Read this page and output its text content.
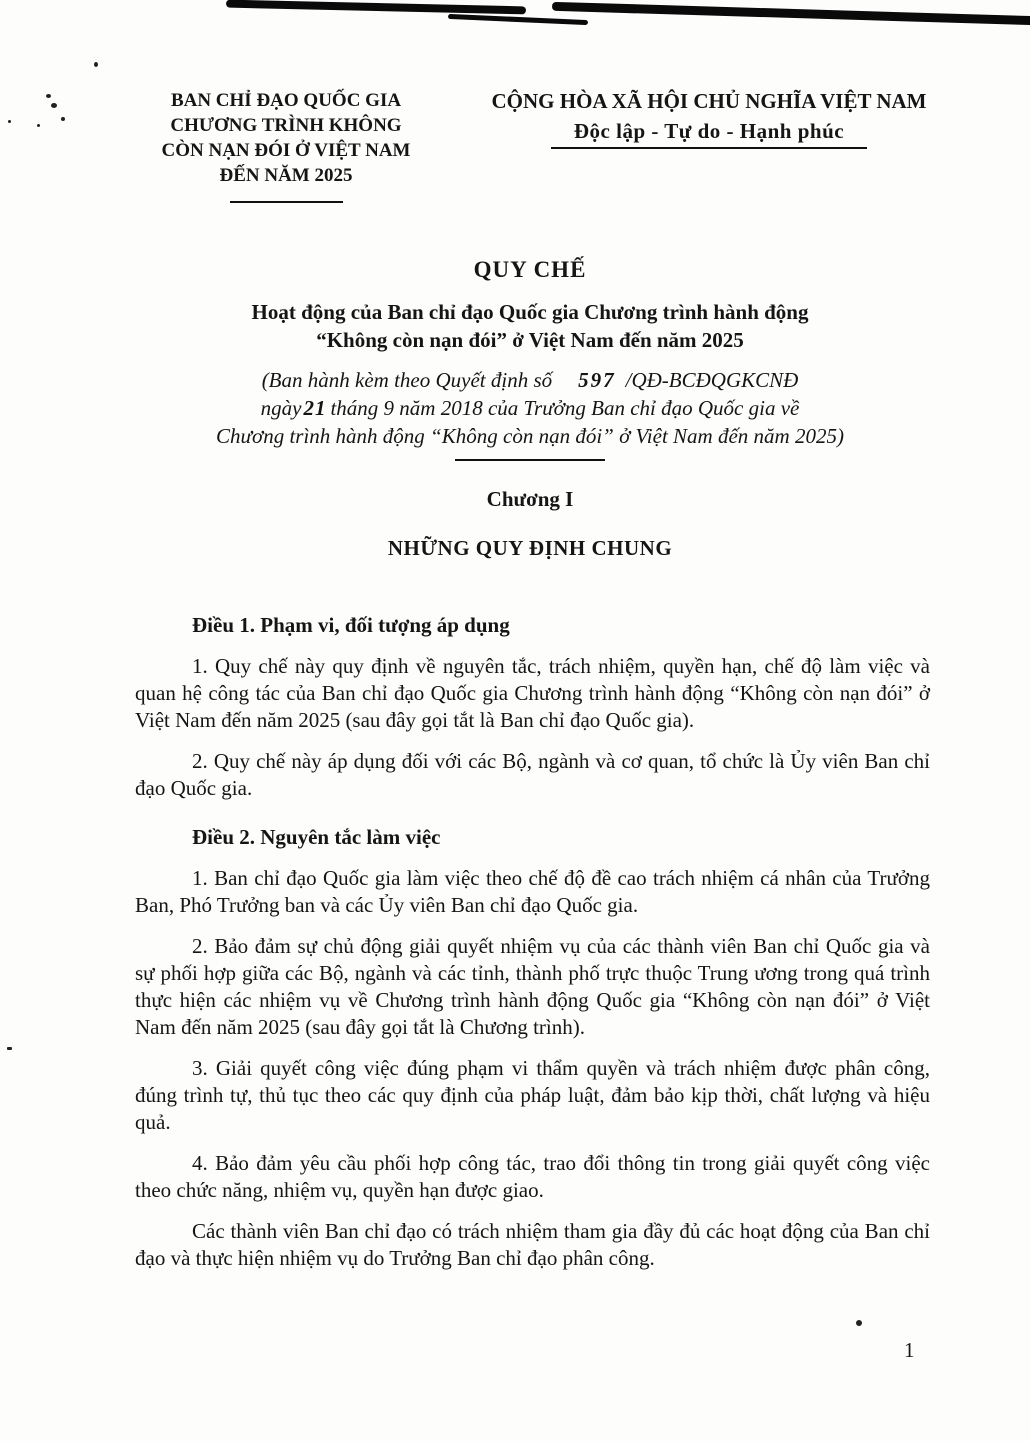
BAN CHỈ ĐẠO QUỐC GIA
CHƯƠNG TRÌNH KHÔNG
CÒN NẠN ĐÓI Ở VIỆT NAM
ĐẾN NĂM 2025
CỘNG HÒA XÃ HỘI CHỦ NGHĨA VIỆT NAM
Độc lập - Tự do - Hạnh phúc
QUY CHẾ
Hoạt động của Ban chỉ đạo Quốc gia Chương trình hành động
“Không còn nạn đói” ở Việt Nam đến năm 2025
(Ban hành kèm theo Quyết định số 597 /QĐ-BCĐQGKCNĐ
ngày21 tháng 9 năm 2018 của Trưởng Ban chỉ đạo Quốc gia về
Chương trình hành động “Không còn nạn đói” ở Việt Nam đến năm 2025)
Chương I
NHỮNG QUY ĐỊNH CHUNG
Điều 1. Phạm vi, đối tượng áp dụng

1. Quy chế này quy định về nguyên tắc, trách nhiệm, quyền hạn, chế độ làm việc và quan hệ công tác của Ban chỉ đạo Quốc gia Chương trình hành động “Không còn nạn đói” ở Việt Nam đến năm 2025 (sau đây gọi tắt là Ban chỉ đạo Quốc gia).

2. Quy chế này áp dụng đối với các Bộ, ngành và cơ quan, tổ chức là Ủy viên Ban chỉ đạo Quốc gia.

Điều 2. Nguyên tắc làm việc

1. Ban chỉ đạo Quốc gia làm việc theo chế độ đề cao trách nhiệm cá nhân của Trưởng Ban, Phó Trưởng ban và các Ủy viên Ban chỉ đạo Quốc gia.

2. Bảo đảm sự chủ động giải quyết nhiệm vụ của các thành viên Ban chỉ Quốc gia và sự phối hợp giữa các Bộ, ngành và các tỉnh, thành phố trực thuộc Trung ương trong quá trình thực hiện các nhiệm vụ về Chương trình hành động Quốc gia “Không còn nạn đói” ở Việt Nam đến năm 2025 (sau đây gọi tắt là Chương trình).

3. Giải quyết công việc đúng phạm vi thẩm quyền và trách nhiệm được phân công, đúng trình tự, thủ tục theo các quy định của pháp luật, đảm bảo kịp thời, chất lượng và hiệu quả.

4. Bảo đảm yêu cầu phối hợp công tác, trao đổi thông tin trong giải quyết công việc theo chức năng, nhiệm vụ, quyền hạn được giao.

Các thành viên Ban chỉ đạo có trách nhiệm tham gia đầy đủ các hoạt động của Ban chỉ đạo và thực hiện nhiệm vụ do Trưởng Ban chỉ đạo phân công.

1
